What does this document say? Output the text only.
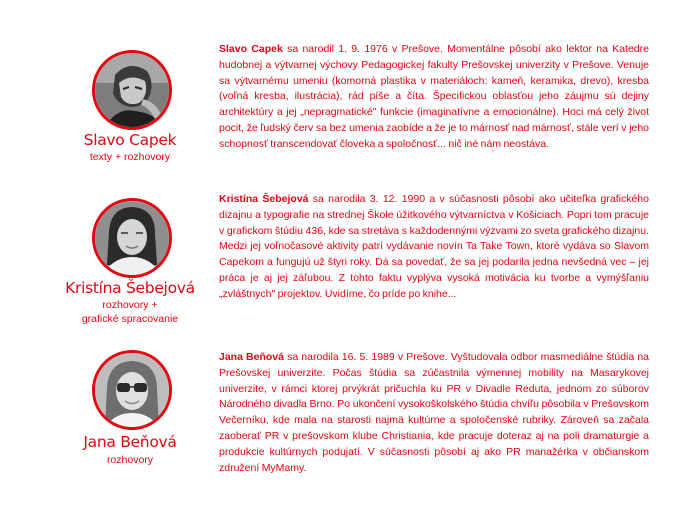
Slavo Capek
texty + rozhovory

Slavo Capek sa narodil 1. 9. 1976 v Prešove. Momentálne pôsobí ako lektor na Katedre hudobnej a výtvarnej výchovy Pedagogickej fakulty Prešovskej univerzity v Prešove. Venuje sa výtvarnému umeniu (komorná plastika v materiáloch: kameň, keramika, drevo), kresba (voľná kresba, ilustrácia), rád píše a číta. Špecifickou oblasťou jeho záujmu sú dejiny architektúry a jej „nepragmatické" funkcie (imaginatívne a emocionálne). Hoci má celý život pocit, že ľudský červ sa bez umenia zaobíde a že je to márnosť nad márnosť, stále verí v jeho schopnosť transcendovať človeka a spoločnosť... nič iné nám neostáva.

Kristína Šebejová
rozhovory +
grafické spracovanie

Kristína Šebejová sa narodila 3. 12. 1990 a v súčasnosti pôsobí ako učiteľka grafického dizajnu a typografie na strednej Škole úžitkového výtvarníctva v Košiciach. Popri tom pracuje v grafickom štúdiu 436, kde sa stretáva s každodennými výzvami zo sveta grafického dizajnu. Medzi jej voľnočasové aktivity patrí vydávanie novín Ta Take Town, ktoré vydáva so Slavom Capekom a fungujú už štyri roky. Dá sa povedať, že sa jej podarila jedna nevšedná vec – jej práca je aj jej záľubou. Z tohto faktu vyplýva vysoká motivácia ku tvorbe a vymýšľaniu „zvláštnych" projektov. Uvidíme, čo príde po knihe...

Jana Beňová
rozhovory

Jana Beňová sa narodila 16. 5. 1989 v Prešove. Vyštudovala odbor masmediálne štúdia na Prešovskej univerzite. Počas štúdia sa zúčastnila výmennej mobility na Masarykovej univerzite, v rámci ktorej prvýkrát pričuchla ku PR v Divadle Reduta, jednom zo súborov Národného divadla Brno. Po ukončení vysokoškolského štúdia chvíľu pôsobila v Prešovskom Večerníku, kde mala na starosti najmä kultúrne a spoločenské rubriky. Zároveň sa začala zaoberať PR v prešovskom klube Christiania, kde pracuje doteraz aj na poli dramaturgie a produkcie kultúrnych podujatí. V súčasnosti pôsobí aj ako PR manažérka v občianskom združení MyMamy.
